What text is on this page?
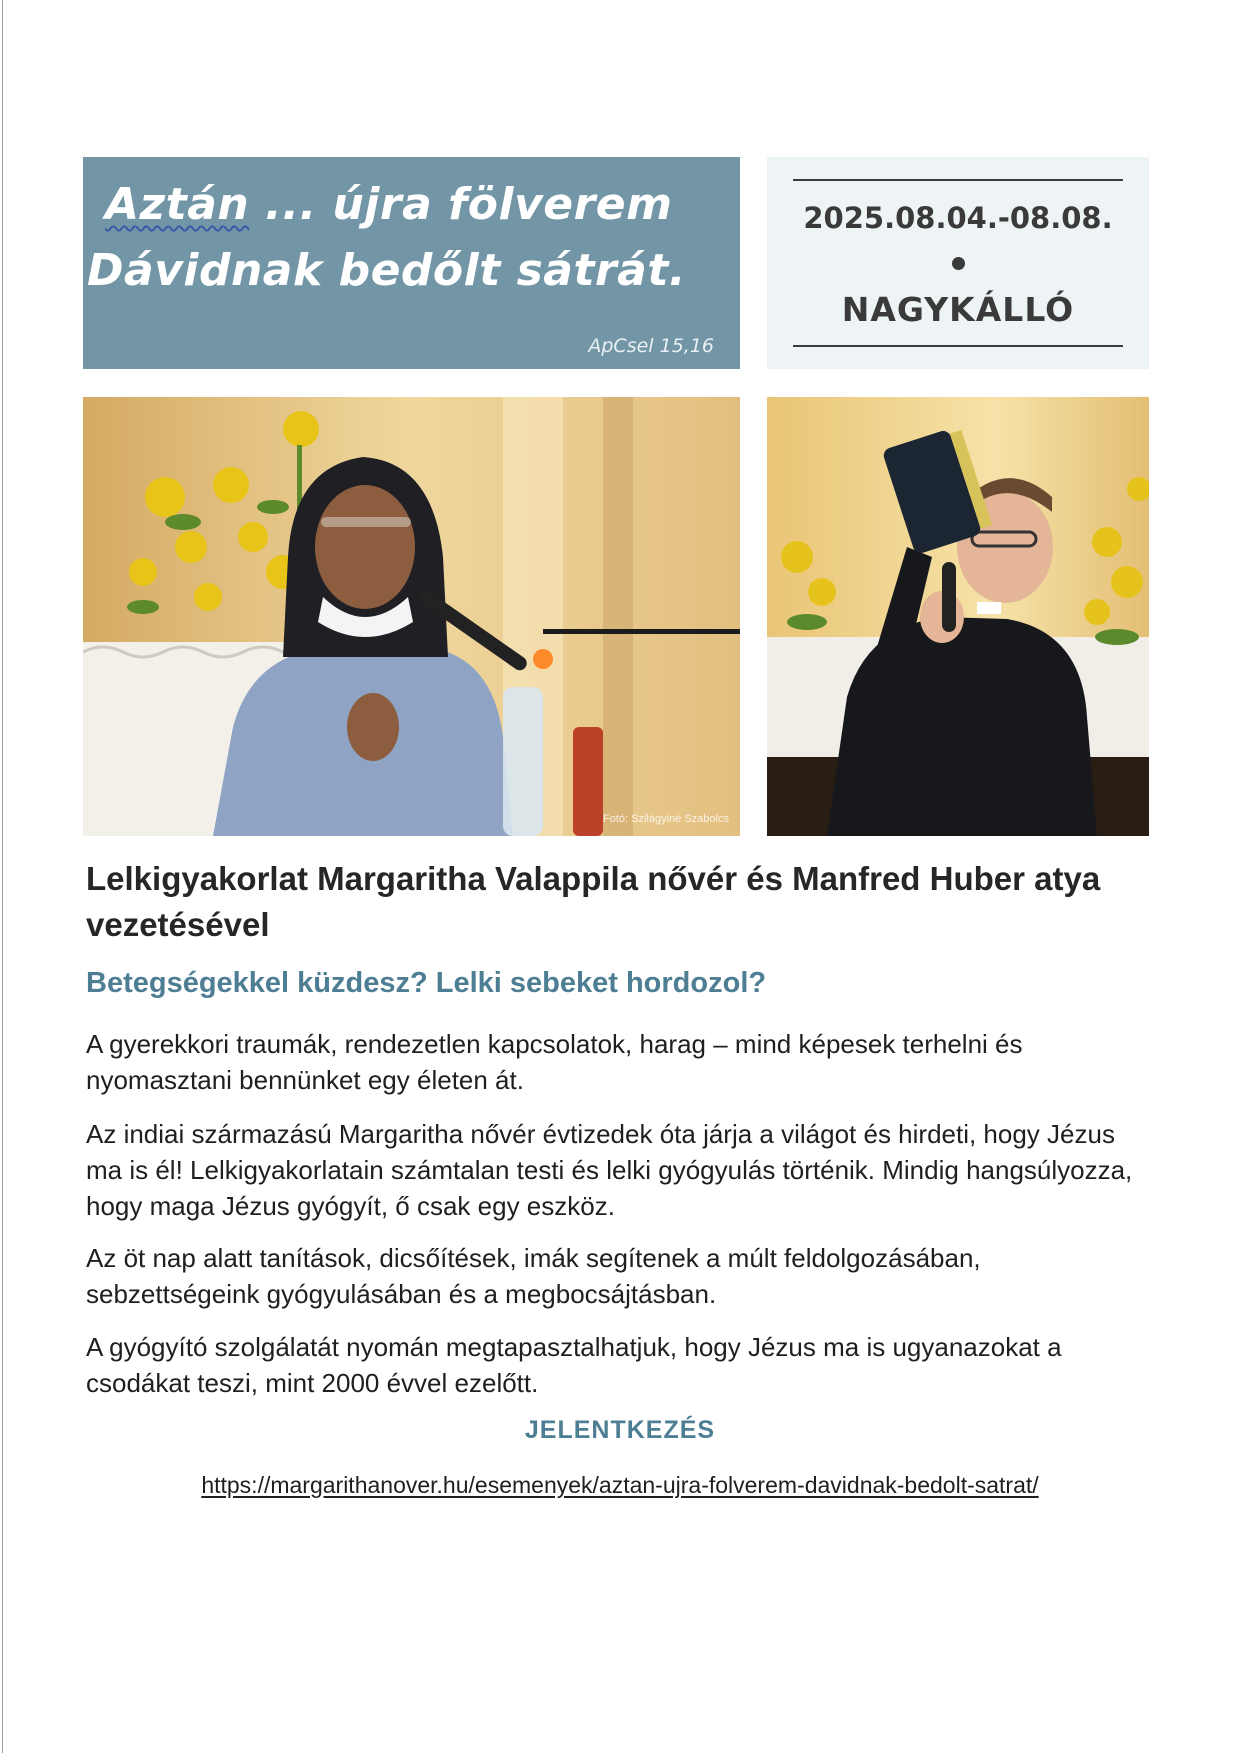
Aztán ... újra fölverem
Dávidnak bedőlt sátrát.
ApCsel 15,16
2025.08.04.-08.08.
NAGYKÁLLÓ
Fotó: Szilágyiné Szabolcs
Lelkigyakorlat Margaritha Valappila nővér és Manfred Huber atya vezetésével
Betegségekkel küzdesz? Lelki sebeket hordozol?
A gyerekkori traumák, rendezetlen kapcsolatok, harag – mind képesek terhelni és nyomasztani bennünket egy életen át.
Az indiai származású Margaritha nővér évtizedek óta járja a világot és hirdeti, hogy Jézus ma is él! Lelkigyakorlatain számtalan testi és lelki gyógyulás történik. Mindig hangsúlyozza, hogy maga Jézus gyógyít, ő csak egy eszköz.
Az öt nap alatt tanítások, dicsőítések, imák segítenek a múlt feldolgozásában, sebzettségeink gyógyulásában és a megbocsájtásban.
A gyógyító szolgálatát nyomán megtapasztalhatjuk, hogy Jézus ma is ugyanazokat a csodákat teszi, mint 2000 évvel ezelőtt.
JELENTKEZÉS
https://margarithanover.hu/esemenyek/aztan-ujra-folverem-davidnak-bedolt-satrat/
